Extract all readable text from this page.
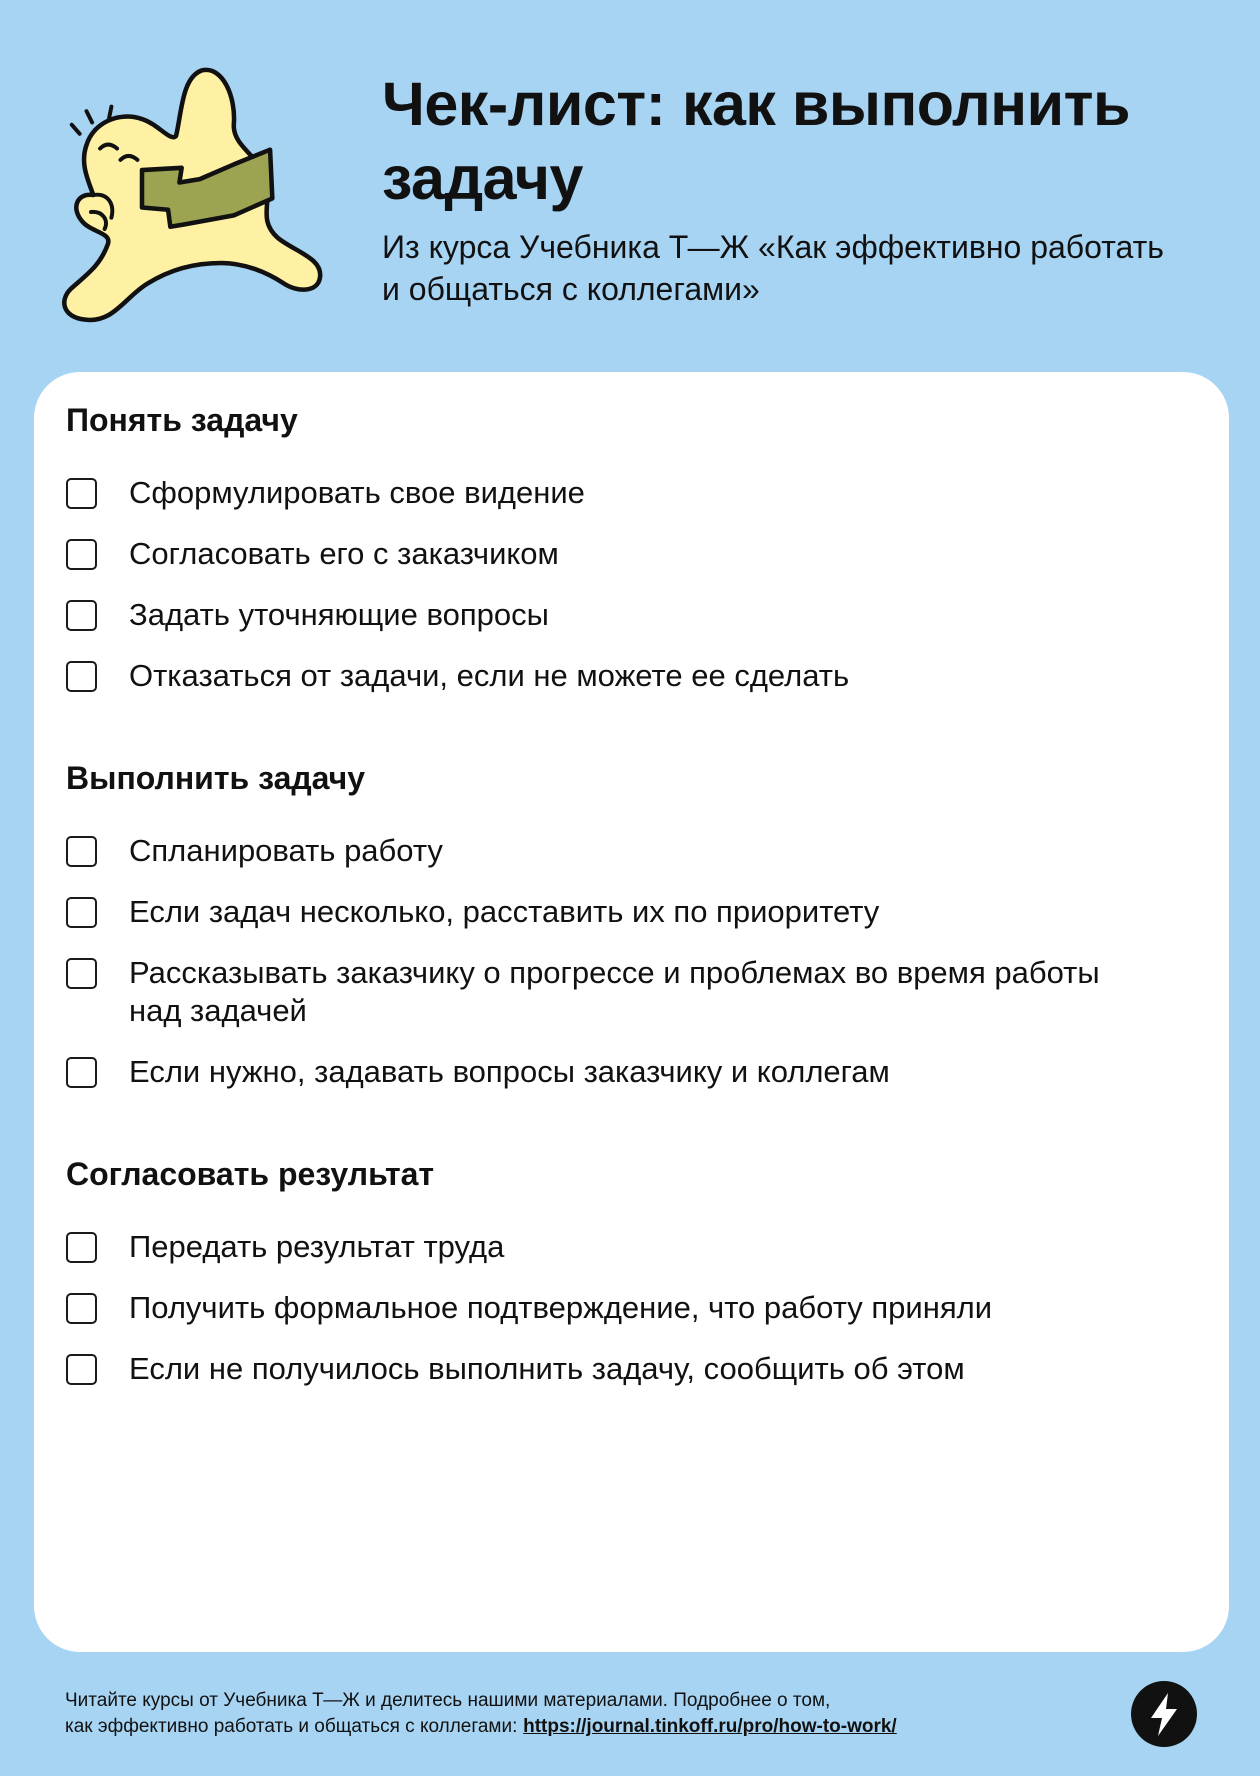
Чек-лист: как выполнить задачу
Из курса Учебника Т—Ж «Как эффективно работать
и общаться с коллегами»
Понять задачу
Сформулировать свое видение
Согласовать его с заказчиком
Задать уточняющие вопросы
Отказаться от задачи, если не можете ее сделать
Выполнить задачу
Спланировать работу
Если задач несколько, расставить их по приоритету
Рассказывать заказчику о прогрессе и проблемах во время работы над задачей
Если нужно, задавать вопросы заказчику и коллегам
Согласовать результат
Передать результат труда
Получить формальное подтверждение, что работу приняли
Если не получилось выполнить задачу, сообщить об этом
Читайте курсы от Учебника Т—Ж и делитесь нашими материалами. Подробнее о том,
как эффективно работать и общаться с коллегами: https://journal.tinkoff.ru/pro/how-to-work/
